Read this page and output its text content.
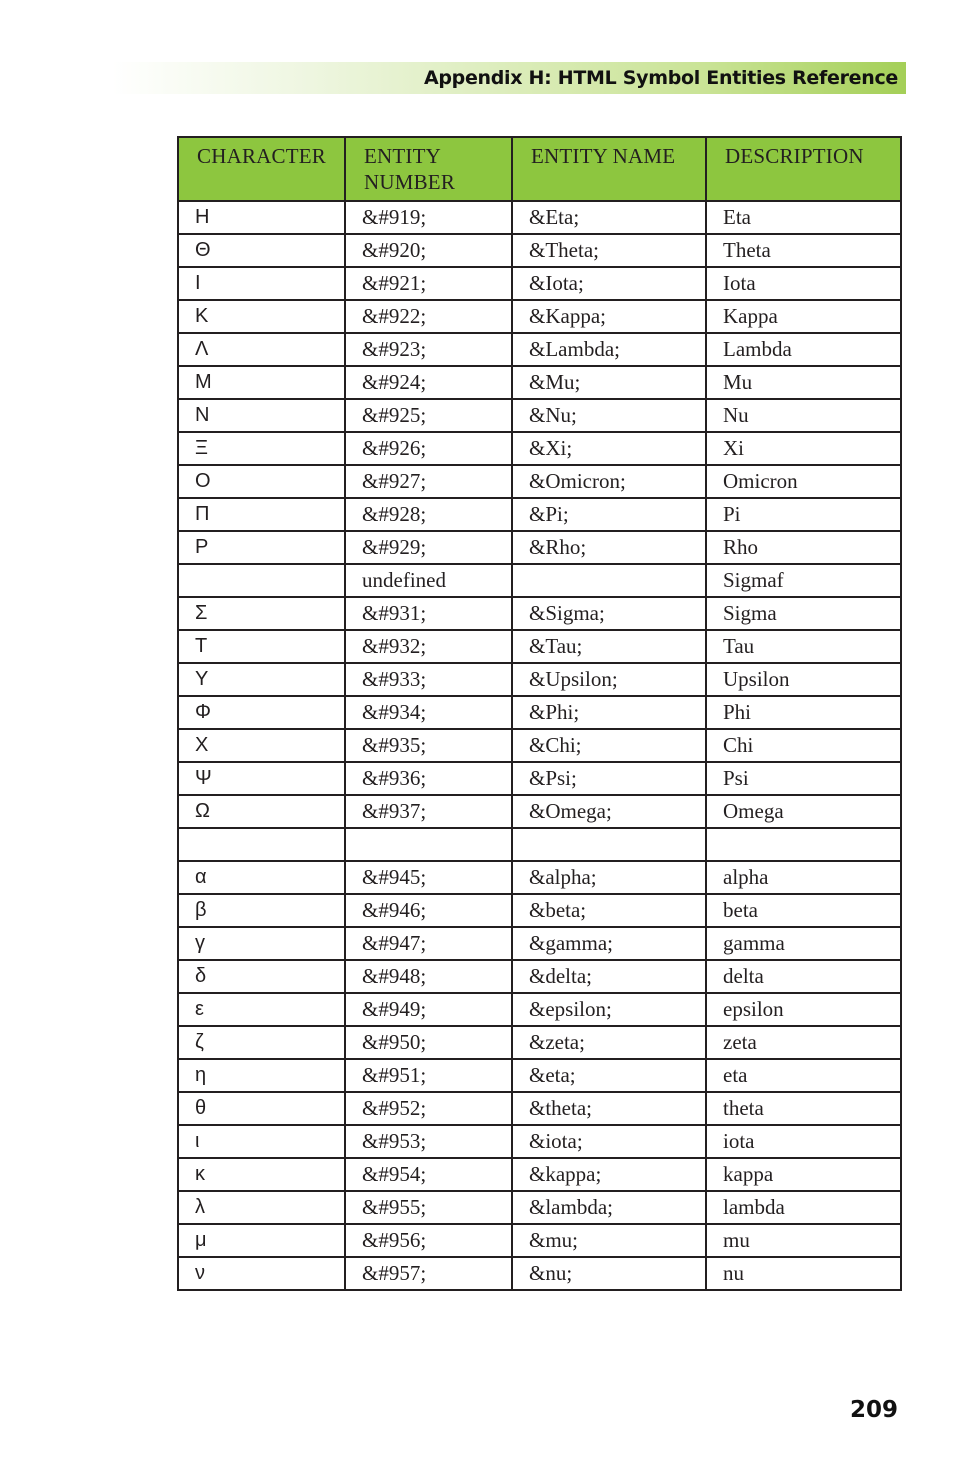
Appendix H: HTML Symbol Entities Reference
CHARACTER	ENTITY NUMBER	ENTITY NAME	DESCRIPTION
Η	&#919;	&Eta;	Eta
Θ	&#920;	&Theta;	Theta
Ι	&#921;	&Iota;	Iota
Κ	&#922;	&Kappa;	Kappa
Λ	&#923;	&Lambda;	Lambda
Μ	&#924;	&Mu;	Mu
Ν	&#925;	&Nu;	Nu
Ξ	&#926;	&Xi;	Xi
Ο	&#927;	&Omicron;	Omicron
Π	&#928;	&Pi;	Pi
Ρ	&#929;	&Rho;	Rho
	undefined		Sigmaf
Σ	&#931;	&Sigma;	Sigma
Τ	&#932;	&Tau;	Tau
Υ	&#933;	&Upsilon;	Upsilon
Φ	&#934;	&Phi;	Phi
Χ	&#935;	&Chi;	Chi
Ψ	&#936;	&Psi;	Psi
Ω	&#937;	&Omega;	Omega

α	&#945;	&alpha;	alpha
β	&#946;	&beta;	beta
γ	&#947;	&gamma;	gamma
δ	&#948;	&delta;	delta
ε	&#949;	&epsilon;	epsilon
ζ	&#950;	&zeta;	zeta
η	&#951;	&eta;	eta
θ	&#952;	&theta;	theta
ι	&#953;	&iota;	iota
κ	&#954;	&kappa;	kappa
λ	&#955;	&lambda;	lambda
μ	&#956;	&mu;	mu
ν	&#957;	&nu;	nu
209
